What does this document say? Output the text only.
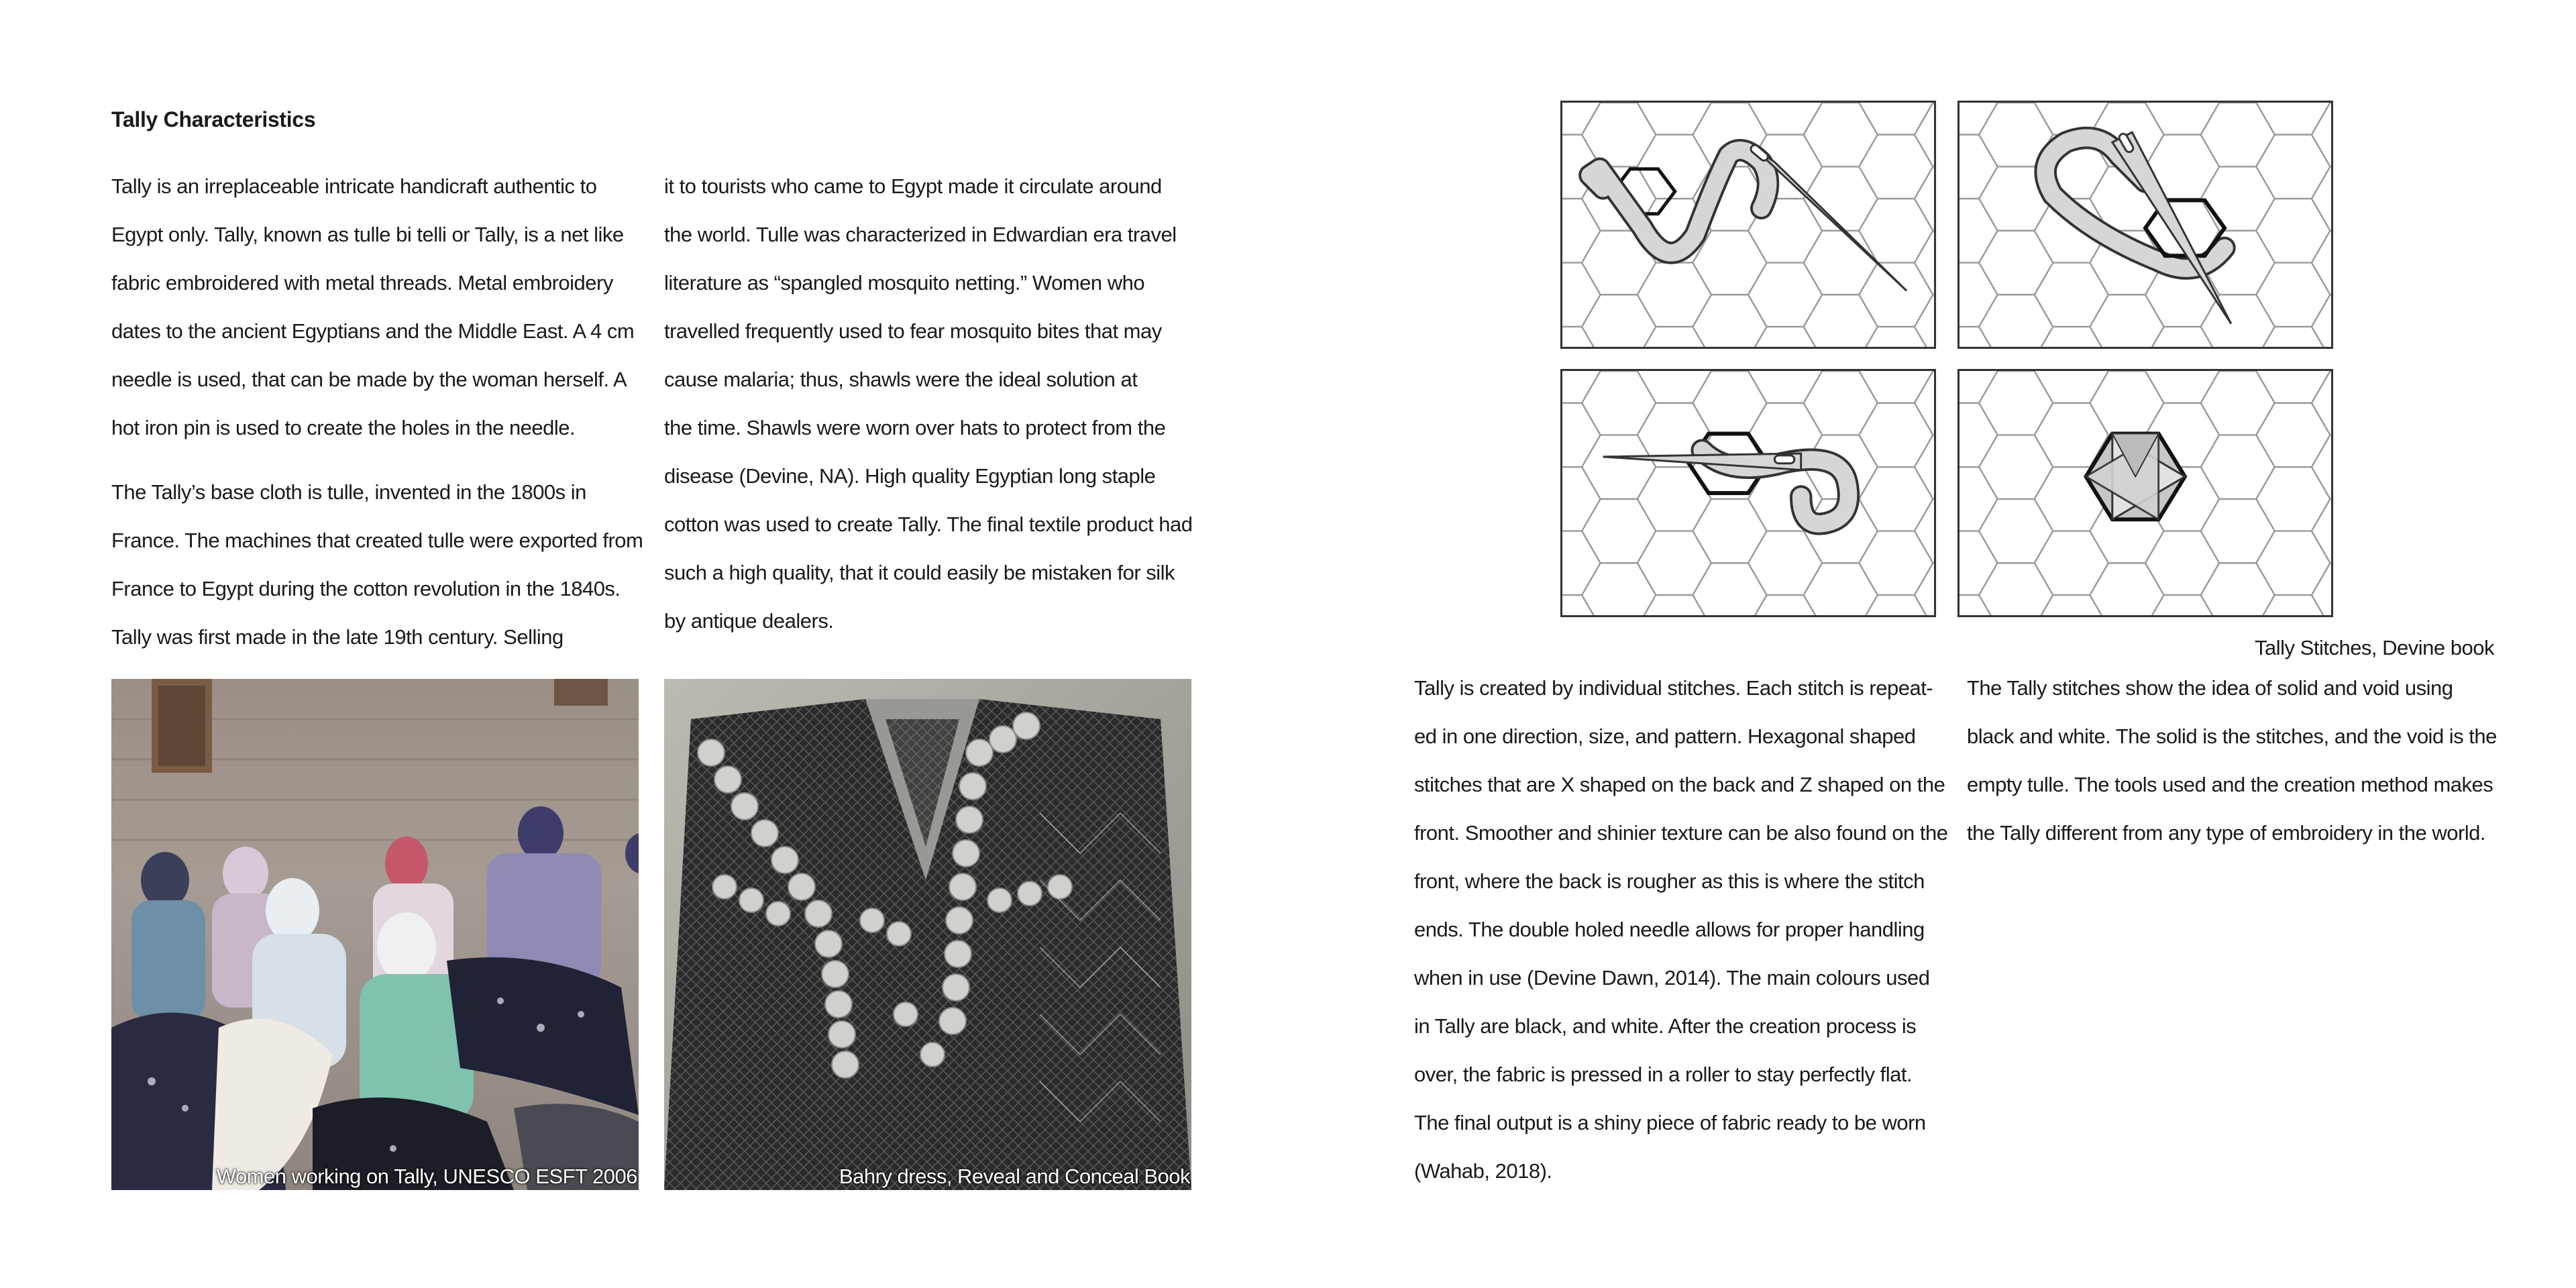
Tally Characteristics
Tally is an irreplaceable intricate handicraft authentic to
Egypt only. Tally, known as tulle bi telli or Tally, is a net like
fabric embroidered with metal threads. Metal embroidery
dates to the ancient Egyptians and the Middle East. A 4 cm
needle is used, that can be made by the woman herself. A
hot iron pin is used to create the holes in the needle.
The Tally’s base cloth is tulle, invented in the 1800s in
France. The machines that created tulle were exported from
France to Egypt during the cotton revolution in the 1840s.
Tally was first made in the late 19th century. Selling
it to tourists who came to Egypt made it circulate around
the world. Tulle was characterized in Edwardian era travel
literature as “spangled mosquito netting.” Women who
travelled frequently used to fear mosquito bites that may
cause malaria; thus, shawls were the ideal solution at
the time. Shawls were worn over hats to protect from the
disease (Devine, NA). High quality Egyptian long staple
cotton was used to create Tally. The final textile product had
such a high quality, that it could easily be mistaken for silk
by antique dealers.
Women working on Tally, UNESCO ESFT 2006	Bahry dress, Reveal and Conceal Book
Tally Stitches, Devine book
Tally is created by individual stitches. Each stitch is repeat-
ed in one direction, size, and pattern. Hexagonal shaped
stitches that are X shaped on the back and Z shaped on the
front. Smoother and shinier texture can be also found on the
front, where the back is rougher as this is where the stitch
ends. The double holed needle allows for proper handling
when in use (Devine Dawn, 2014). The main colours used
in Tally are black, and white. After the creation process is
over, the fabric is pressed in a roller to stay perfectly flat.
The final output is a shiny piece of fabric ready to be worn
(Wahab, 2018).
The Tally stitches show the idea of solid and void using
black and white. The solid is the stitches, and the void is the
empty tulle. The tools used and the creation method makes
the Tally different from any type of embroidery in the world.
